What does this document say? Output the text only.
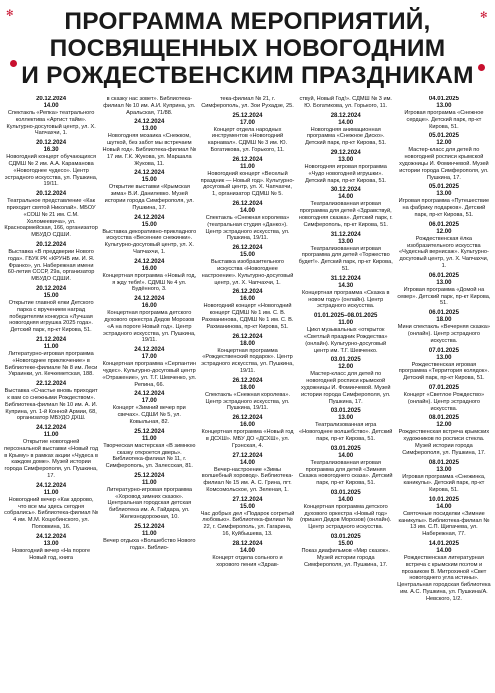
✻	✻
ПРОГРАММА МЕРОПРИЯТИЙ,
ПОСВЯЩЕННЫХ НОВОГОДНИМ
И РОЖДЕСТВЕНСКИМ ПРАЗДНИКАМ
20.12.2024
14.00
Спектакль «Репка» театрального коллектива «Артист тайм». Культурно-досуговый центр, ул. Х. Чапчахчи, 1.
20.12.2024
16.30
Новогодний концерт обучающихся СДМШ № 2 им. А.А. Караманова «Новогоднее чудесо». Центр эстрадного искусства, ул. Пушкина, 19/11.
20.12.2024
Театральное представление «Как приходит святой Николай». МБОУ «СОШ № 21 им. С.М. Холомеевича», ул. Красноармейская, 166, организатор МБУДО СДШИ.
20.12.2024
Выставка «В преддверии Нового года». ГБУК РК «КРУНБ им. И. Я. Франко», ул. Набережная имени 60-летия СССР, 29а, организатор МБУДО СДШИ.
20.12.2024
15.00
Открытие главной елки Детского парка с вручением наград победителям конкурса «Лучшая новогодняя игрушка 2025 года». Детский парк, пр-кт Кирова, 51.
21.12.2024
11.00
Литературно-игровая программа «Новогоднее приключение» в Библиотеке-филиале № 8 им. Леси Украинки, ул. Кечкеметская, 188.
22.12.2024
Выставка «Счастье вновь приходит к вам со снежными Рождеством». Библиотека-филиал № 10 им. А. И. Куприна, ул. 1-й Конной Армии, 68, организатор МБУДО ДХШ.
24.12.2024
11.00
Открытие новогодней персональной выставки «Новый год в Крыму» в рамках акции «Чудеса в каждом доме». Музей истории города Симферополя, ул. Пушкина, 17.
24.12.2024
11.00
Новогодний вечер «Как здорово, что все мы здесь сегодня собрались». Библиотека-филиал № 4 им. М.М. Коцюбинского, ул. Поповкина, 16.
24.12.2024
13.00
Новогодний вечер «На пороге Новый год, книга
в сказку нас зовет». Библиотека-филиал № 10 им. А.И. Куприна, ул. Аральская, 71/88.
24.12.2024
13.00
Новогодняя мозаика «Снежком, шуткой, без забот мы встречаем Новый год». Библиотека-филиал № 17 им. Г.К. Жукова, ул. Маршала Жукова, 11.
24.12.2024
15.00
Открытие выставки «Крымская зима» В.И. Данилевко. Музей истории города Симферополя, ул. Пушкина, 17.
24.12.2024
15.00
Выставка декоративно-прикладного искусства «Весенние снежинки». Культурно-досуговый центр, ул. Х. Чапчахчи, 1.
24.12.2024
16.00
Концертная программа «Новый год, я жду тебя!». СДМШ № 4 ул. Будённого, 3.
24.12.2024
16.00
Концертная программа детского духового оркестра Дедов Морозов «А на пороге Новый год». Центр эстрадного искусства, ул. Пушкина, 19/11.
24.12.2024
17.00
Концертная программа «Серпантин чудес». Культурно-досуговый центр «Отражение», ул. Т.Г. Шевченко, ул. Репина, 66.
24.12.2024
17.00
Концерт «Зимний вечер при свечах». СДШИ № 5, ул. Ковыльная, 82.
25.12.2024
11.00
Творческая мастерская «В зимнюю сказку откроется дверь». Библиотека-филиал № 11, г. Симферополь, ул. Залесская, 81.
25.12.2024
11.00
Литературно-игровая программа «Хоровод зимних сказок». Центральная городская детская библиотека им. А. Гайдара, ул. Железнодорожная, 10.
25.12.2024
11.00
Вечер отдыха «Волшебство Нового года». Библио-
тека-филиал № 21, г. Симферополь, ул. Зои Рухадзе, 25.
25.12.2024
17.00
Концерт отдела народных инструментов «Новогодний карнавал». СДМШ № 3 им. Ю. Богатикова, ул. Горького, 11.
26.12.2024
11.00
Новогодний концерт «Веселый праздник — Новый год». Культурно-досуговый центр, ул. Х. Чапчахчи, 1, организатор СДМШ № 5.
26.12.2024
14.00
Спектакль «Снежная королева» (театральная студия «Данко»). Центр эстрадного искусства, ул. Пушкина, 19/11.
26.12.2024
15.00
Выставка изобразительного искусства «Новогоднее настроение». Культурно-досуговый центр, ул. Х. Чапчахчи, 1.
26.12.2024
16.00
Новогодний концерт «Новогодний концерт СДМШ № 1 им. С. В. Рахманинова, СДМШ № 1 им. С. В. Рахманинова, пр-кт Кирова, 51.
26.12.2024
18.00
Концертная программа «Рождественский подарок». Центр эстрадного искусства, ул. Пушкина, 19/11.
26.12.2024
18.00
Спектакль «Снежная королева». Центр эстрадного искусства, ул. Пушкина, 19/11.
26.12.2024
16.00
Концертная программа «Новый год в ДСХШ». МБУ ДО «ДСХШ», ул. Грэнская, 4.
27.12.2024
14.00
Вечер-настроение «Зимы волшебный хоровод». Библиотека-филиал № 15 им. А. С. Грина, пгт. Комсомольское, ул. Зеленая, 1.
27.12.2024
15.00
Час добрых дел «Подарок согретый любовью». Библиотека-филиал № 22, г. Симферополь, ул. Гагарина, 16, Куйбышева, 13.
28.12.2024
14.00
Концерт отдела сольного и хорового пения «Здрав-
ствуй, Новый Год!». СДМШ № 3 им. Ю. Богатикова, ул. Горького, 11.
28.12.2024
14.00
Новогодняя анимационная программа «Снежное Диско». Детский парк, пр-кт Кирова, 51.
29.12.2024
13.00
Новогодняя игровая программа «Чудо новогодней игрушки». Детский парк, пр-кт Кирова, 51.
30.12.2024
14.00
Театрализованная игровая программа для детей «Здравствуй, новогодняя сказка». Детский парк, г. Симферополь, пр-кт Кирова, 51.
31.12.2024
13.00
Театрализованная игровая программа для детей «Торжество будет!». Детский парк, пр-кт Кирова, 51.
31.12.2024
14.30
Концертная программа «Сказка в новом году» (онлайн). Центр эстрадного искусства.
01.01.2025–08.01.2025
11.00
Цикл музыкальных «открыток «Светлый праздник Рождества» (онлайн). Культурно-досуговый центр им. Т.Г. Шевченко.
03.01.2025
12.00
Мастер-класс для детей по новогодней росписи крымской художницы И. Фоминчевой. Музей истории города Симферополя, ул. Пушкина, 17.
03.01.2025
13.00
Театрализованная игра «Новогоднее волшебство». Детский парк, пр-кт Кирова, 51.
03.01.2025
14.00
Театрализованная игровая программа для детей «Зимняя Сказка новогоднего сказа». Детский парк, пр-кт Кирова, 51.
03.01.2025
14.00
Концертная программа детского духового оркестра «Новый год» (пришел Дедов Морозов) (онлайн). Центр эстрадного искусства.
03.01.2025
15.00
Показ диафильмов «Мир сказок». Музей истории города Симферополя, ул. Пушкина, 17.
04.01.2025
13.00
Игровая программа «Снежное сердце». Детский парк, пр-кт Кирова, 51.
05.01.2025
12.00
Мастер-класс для детей по новогодней росписи крымской художницы И. Фоминчевой. Музей истории города Симферополя, ул. Пушкина, 17.
05.01.2025
13.00
Игровая программа «Путешествие на фабрику подарков». Детский парк, пр-кт Кирова, 51.
06.01.2025
12.00
Рождественская ёлка изобразительного искусства «Чудесный вернисаж». Культурно-досуговый центр, ул. Х. Чапчахчи, 1.
06.01.2025
13.00
Игровая программа «Домой на север». Детский парк, пр-кт Кирова, 51.
06.01.2025
18.00
Мини спектакль «Вечерняя сказка» (онлайн). Центр эстрадного искусства.
07.01.2025
13.00
Рождественская игровая программа «Территория колядок». Детский парк, пр-кт Кирова, 51.
07.01.2025
Концерт «Светлое Рождество» (онлайн). Центр эстрадного искусства.
08.01.2025
12.00
Рождественская встреча крымских художников по росписи стекла. Музей истории города Симферополя, ул. Пушкина, 17.
08.01.2025
13.00
Игровая программа «Снежинка, каникулы». Детский парк, пр-кт Кирова, 51.
10.01.2025
14.00
Святочные посиделки «Зимние каникулы». Библиотека-филиал № 13 им. С.П. Щипачева, ул. Набережная, 77.
14.01.2025
14.00
Рождественская литературная встреча с крымским поэтом и прозаиком В. Митрохиной «Свет новогоднего угла истины». Центральная городская библиотека им. А.С. Пушкина, ул. Пушкина/А. Невского, 1/2.
